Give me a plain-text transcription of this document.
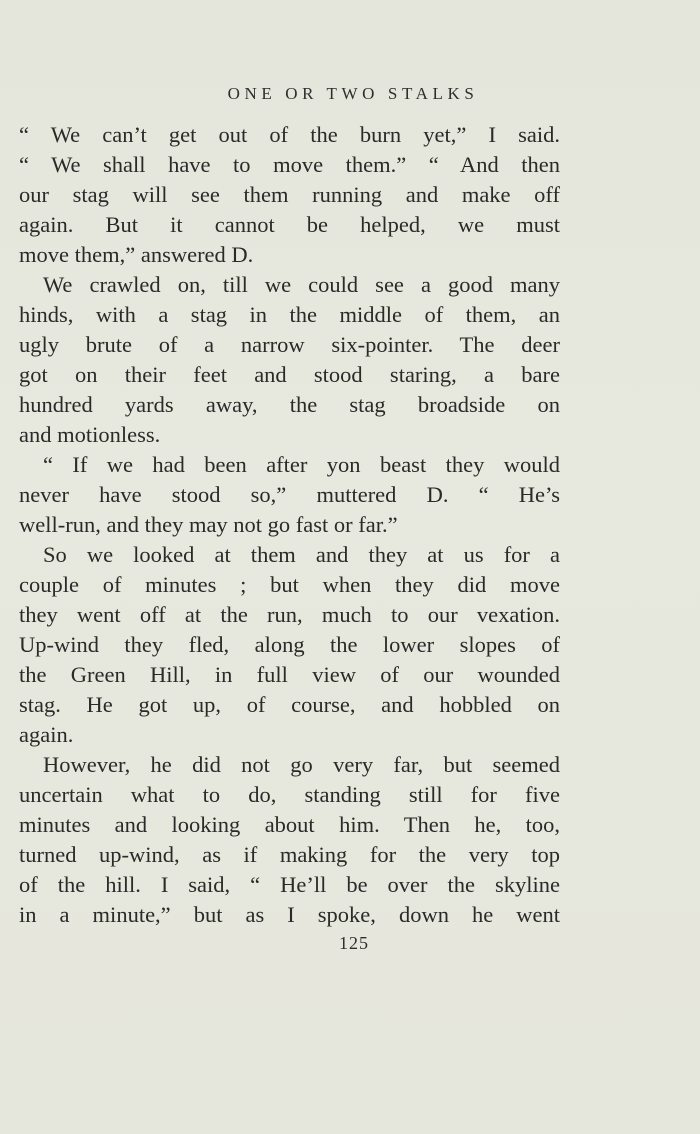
ONE OR TWO STALKS
“ We can’t get out of the burn yet,” I said.
“ We shall have to move them.” “ And then
our stag will see them running and make off
again. But it cannot be helped, we must
move them,” answered D.
We crawled on, till we could see a good many
hinds, with a stag in the middle of them, an
ugly brute of a narrow six-pointer. The deer
got on their feet and stood staring, a bare
hundred yards away, the stag broadside on
and motionless.
“ If we had been after yon beast they would
never have stood so,” muttered D. “ He’s
well-run, and they may not go fast or far.”
So we looked at them and they at us for a
couple of minutes ; but when they did move
they went off at the run, much to our vexation.
Up-wind they fled, along the lower slopes of
the Green Hill, in full view of our wounded
stag. He got up, of course, and hobbled on
again.
However, he did not go very far, but seemed
uncertain what to do, standing still for five
minutes and looking about him. Then he, too,
turned up-wind, as if making for the very top
of the hill. I said, “ He’ll be over the skyline
in a minute,” but as I spoke, down he went
125
